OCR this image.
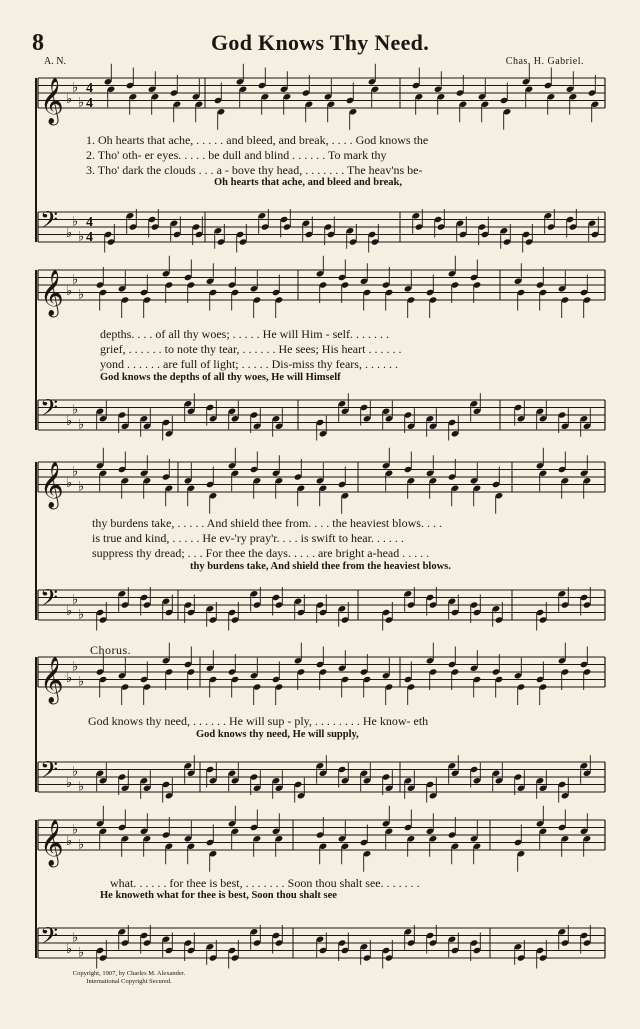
𝄞 ♭
♭
♭
4
4
𝄢 ♭
♭
♭
4
4
𝄞 ♭
♭
♭
𝄢 ♭
♭
♭
𝄞 ♭
♭
♭
𝄢 ♭
♭
♭
𝄞 ♭
♭
♭
𝄢 ♭
♭
♭
𝄞 ♭
♭
♭
𝄢 ♭
♭
♭
8	God Knows Thy Need.
A. N.	Chas. H. Gabriel.
1. Oh hearts that ache, . . . . . and bleed, and break, . . . . God knows the
2. Tho' oth- er eyes. . . . . be dull and blind . . . . . . To mark thy
3. Tho' dark the clouds . . . a - bove thy head, . . . . . . . The heav'ns be-
Oh hearts that ache, and bleed and break,
depths. . . . of all thy woes; . . . . . He will Him - self. . . . . . .
grief, . . . . . . to note thy tear, . . . . . . He sees; His heart . . . . . .
yond . . . . . . are full of light; . . . . . Dis-miss thy fears, . . . . . .
God knows the depths of all thy woes, He will Himself
thy burdens take, . . . . . And shield thee from. . . . the heaviest blows. . . .
is true and kind, . . . . . He ev-'ry pray'r. . . . is swift to hear. . . . . .
suppress thy dread; . . . For thee the days. . . . . are bright a-head . . . . .
thy burdens take, And shield thee from the heaviest blows.
Chorus.
God knows thy need, . . . . . . He will sup - ply, . . . . . . . . He know- eth
God knows thy need, He will supply,
what. . . . . . for thee is best, . . . . . . . Soon thou shalt see. . . . . . .
He knoweth what for thee is best, Soon thou shalt see
Copyright, 1907, by Charles M. Alexander. International Copyright Secured.
